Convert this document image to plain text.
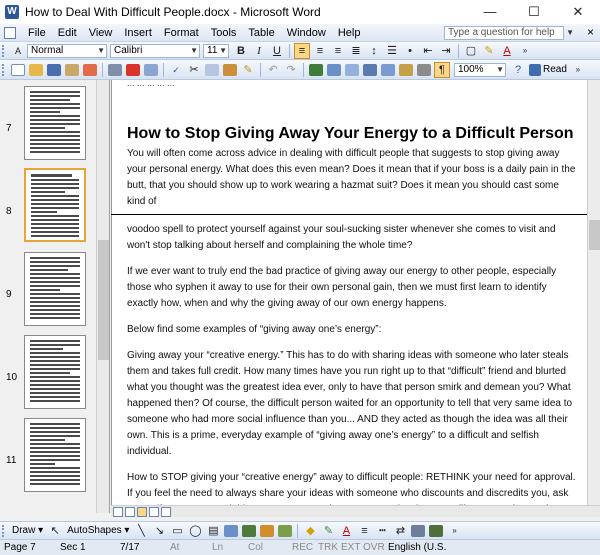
W How to Deal With Difficult People.docx - Microsoft Word	—	☐	✕
File	Edit	View	Insert	Format	Tools	Table	Window	Help	Type a question for help	▼ ×
A	Normal	▼ Calibri	▼ 11 ▼ B	I	U	≡	≡	≡ ≣ ↕ ☰	•	⇤ ⇥	▢ ✎ A	»
✓ ✂	✎	↶ ↷	¶	100% ▼ ?	Read	»
7
8
9
10
11
... ... ... ... ...
How to Stop Giving Away Your Energy to a Difficult Person

You will often come across advice in dealing with difficult people that suggests to stop giving away your personal energy. What does this even mean? Does it mean that if your boss is a daily pain in the butt, that you should show up to work wearing a hazmat suit? Does it mean you should cast some kind of

voodoo spell to protect yourself against your soul-sucking sister whenever she comes to visit and won't stop talking about herself and complaining the whole time?

If we ever want to truly end the bad practice of giving away our energy to other people, especially those who syphen it away to use for their own personal gain, then we must first learn to identify exactly how, when and why the giving away of our own energy happens.

Below find some examples of “giving away one’s energy”:

Giving away your “creative energy.” This has to do with sharing ideas with someone who later steals them and takes full credit. How many times have you run right up to that “difficult” friend and blurted what you thought was the greatest idea ever, only to have that person smirk and demean you? What happened then? Of course, the difficult person waited for an opportunity to tell that very same idea to someone who had more social influence than you... AND they acted as though the idea was all their own. This is a prime, everyday example of “giving away one’s energy” to a difficult and selfish individual.

How to STOP giving your “creative energy” away to difficult people: RETHINK your need for approval. If you feel the need to always share your ideas with someone who discounts and discredits you, ask

Draw ▾ ↖ AutoShapes ▾ ╲ ↘ ▭ ◯ ▤	◆ ✎ A	≡	┅ ⇄	»
Page 7 Sec 1	7/17	At	Ln Col	REC TRK EXT OVR English (U.S.
